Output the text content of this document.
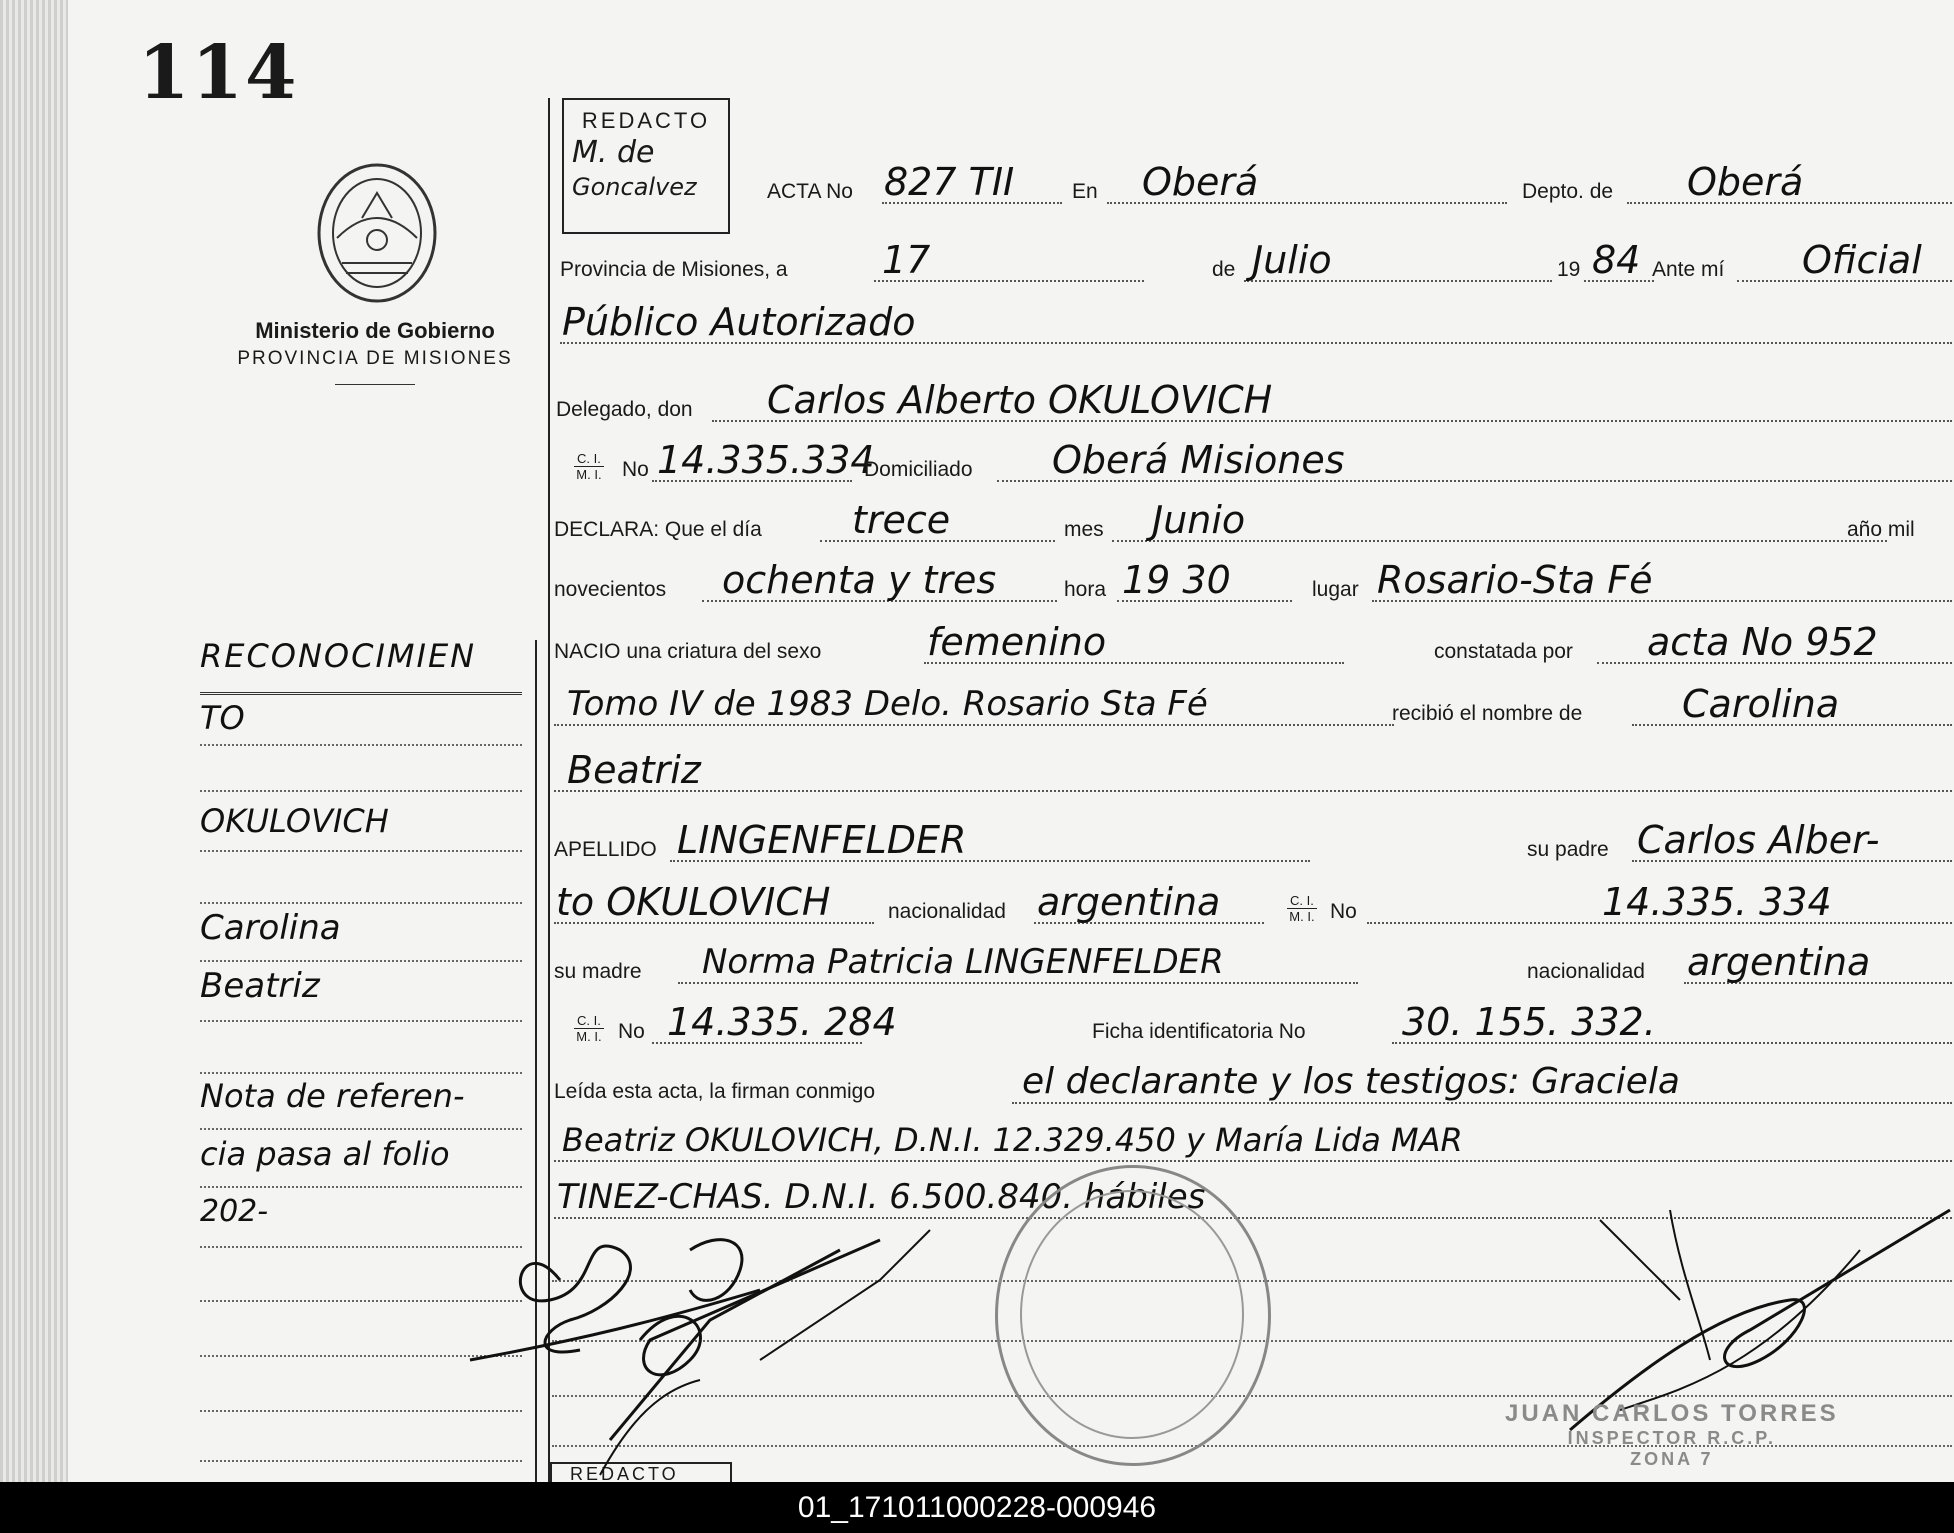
114
Ministerio de Gobierno
PROVINCIA DE MISIONES
REDACTO
M. de
Goncalvez
REDACTO
ACTA No 827 TII	En Oberá	Depto. de Oberá
Provincia de Misiones, a 17	de Julio	19 84 Ante mí Oficial
Público Autorizado
Delegado, don Carlos Alberto OKULOVICH
$\frac{C. I.}{M. I.}$ No 14.335.334
Domiciliado Oberá Misiones
DECLARA: Que el día trece	mes Junio	año mil
novecientos ochenta y tres	hora 19 30	lugar Rosario-Sta Fé
NACIO una criatura del sexo	femenino	constatada por acta No 952
Tomo IV de 1983 Delo. Rosario Sta Fé	recibió el nombre de	Carolina
Beatriz
APELLIDO LINGENFELDER	su padre Carlos Alber-
to OKULOVICH	nacionalidad argentina	$\frac{C. I.}{M. I.}$ No	14.335. 334
su madre Norma Patricia LINGENFELDER	nacionalidad argentina
$\frac{C. I.}{M. I.}$ No 14.335. 284	Ficha identificatoria No	30. 155. 332.
Leída esta acta, la firman conmigo	el declarante y los testigos: Graciela
Beatriz OKULOVICH, D.N.I. 12.329.450 y María Lida MAR
TINEZ-CHAS. D.N.I. 6.500.840. hábiles
RECONOCIMIEN
TO
OKULOVICH
Carolina
Beatriz
Nota de referen-
cia pasa al folio
202-
JUAN CARLOS TORRES
INSPECTOR R.C.P.
ZONA 7
01_171011000228-000946
